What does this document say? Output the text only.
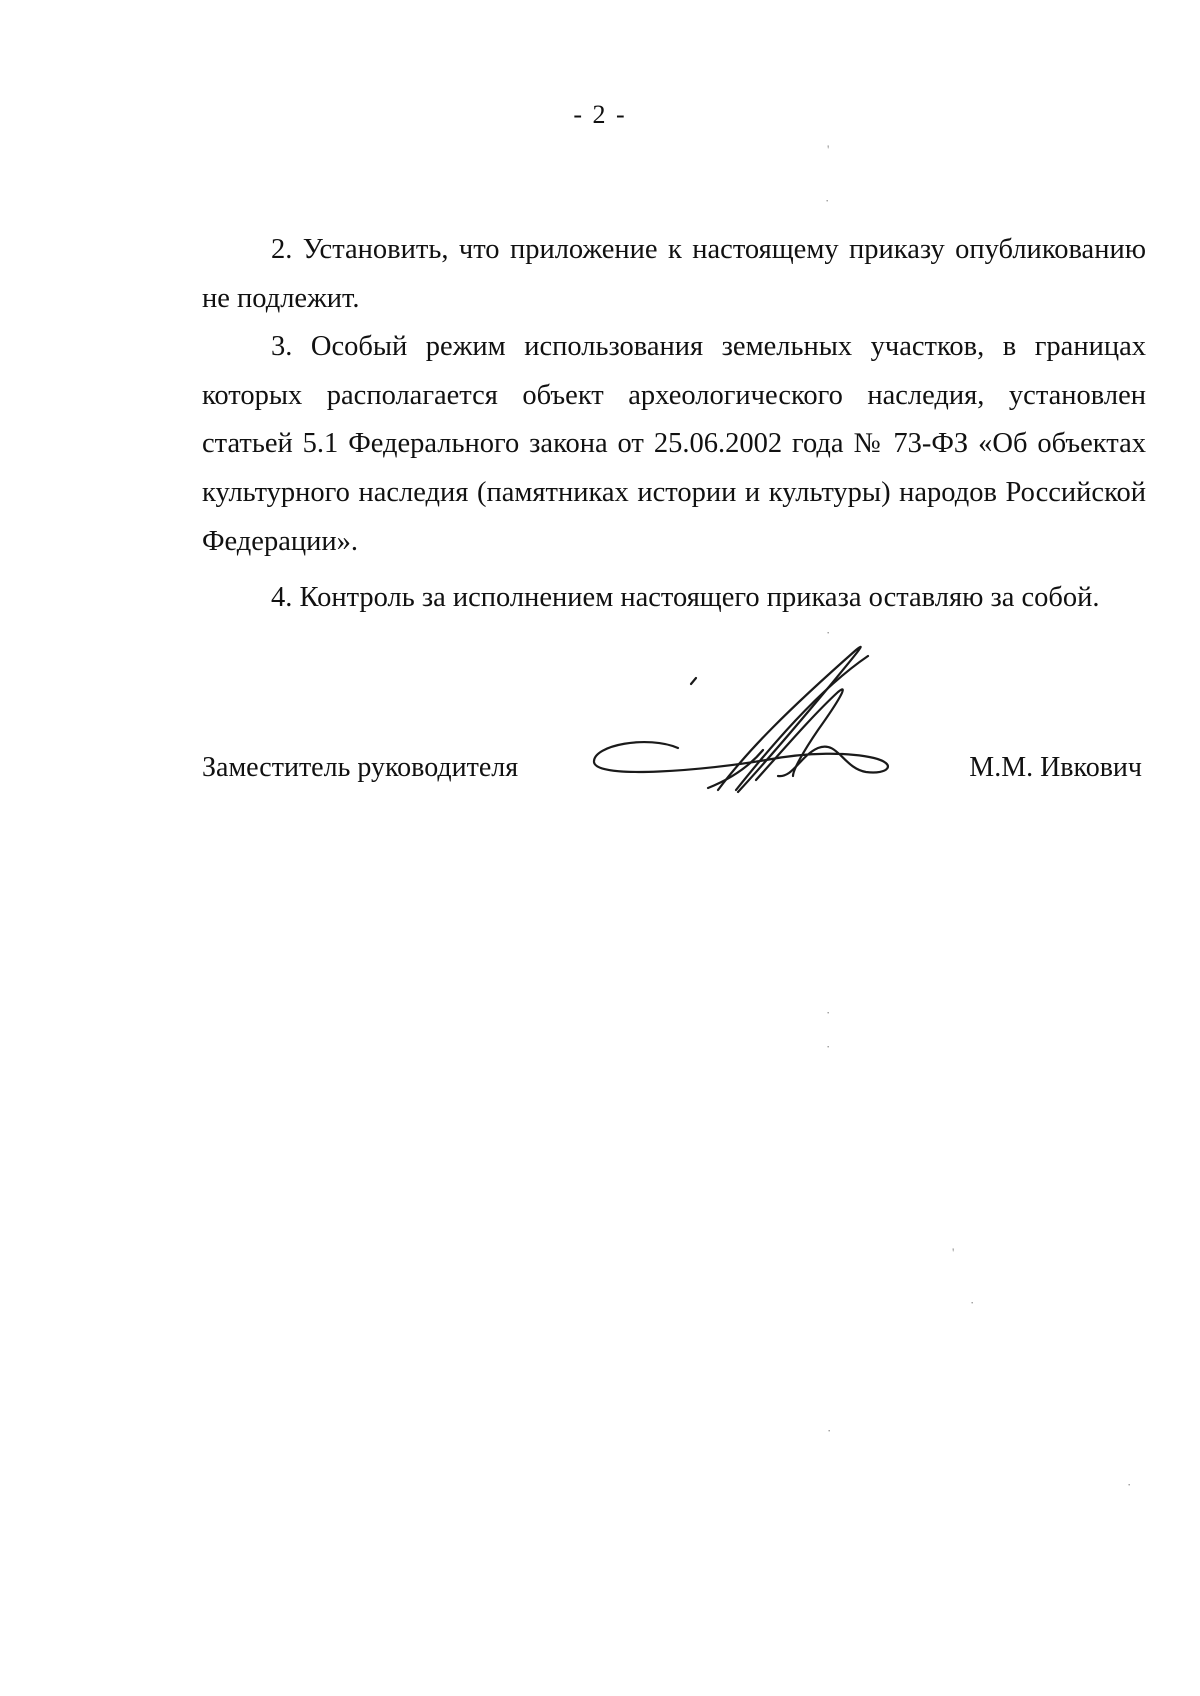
- 2 -

2. Установить, что приложение к настоящему приказу опубликованию не подлежит.

3. Особый режим использования земельных участков, в границах которых располагается объект археологического наследия, установлен статьей 5.1 Федерального закона от 25.06.2002 года № 73-ФЗ «Об объектах культурного наследия (памятниках истории и культуры) народов Российской Федерации».

4. Контроль за исполнением настоящего приказа оставляю за собой.

Заместитель руководителя	М.М. Ивкович
'
·
·
·
'
·
·
·
·
